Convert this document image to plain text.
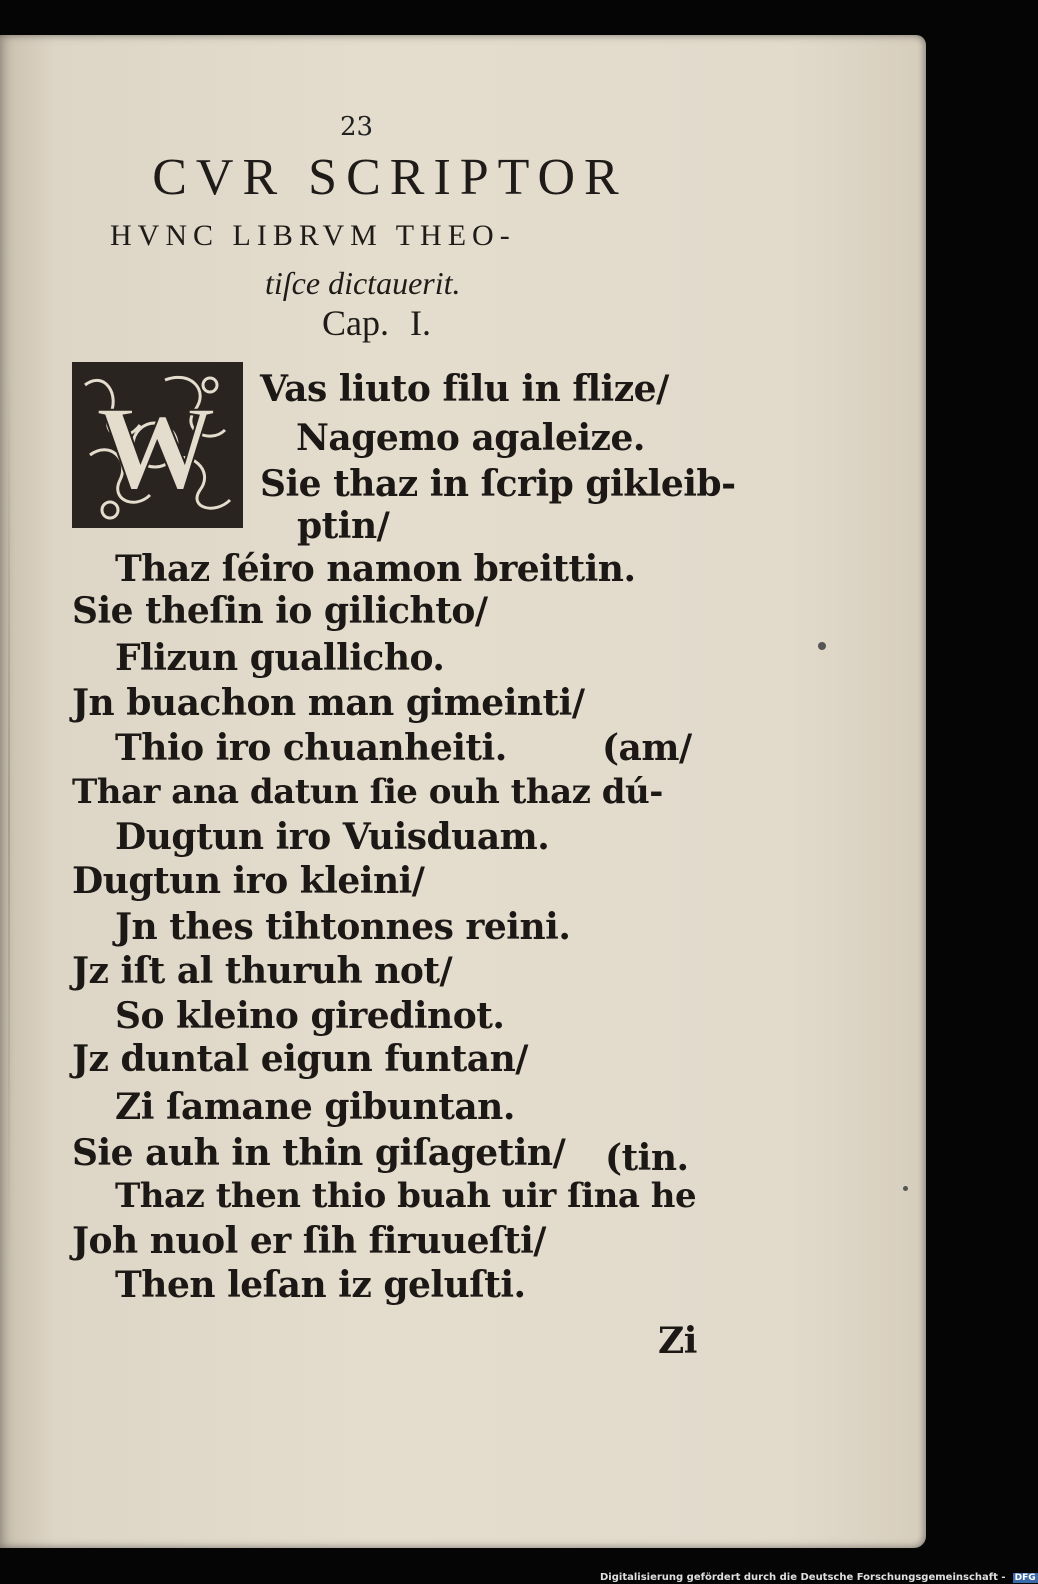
23
CVR SCRIPTOR
HVNC LIBRVM THEO-
tiſce dictauerit.
Cap. I.
W Vas liuto filu in flize/
Nagemo agaleize.
Sie thaz in ſcrip gikleib-
ptin/
Thaz ſéiro namon breittin.
Sie theſin io gilichto/
Flizun guallicho.
Jn buachon man gimeinti/
Thio iro chuanheiti.	(am/
Thar ana datun ſie ouh thaz dú-
Dugtun iro Vuisduam.
Dugtun iro kleini/
Jn thes tihtonnes reini.
Jz iſt al thuruh not/
So kleino giredinot.
Jz duntal eigun funtan/
Zi ſamane gibuntan.
Sie auh in thin giſagetin/ (tin.
Thaz then thio buah uir ſina he
Joh nuol er ſih firuueſti/
Then leſan iz geluſti.
Zi
Digitalisierung gefördert durch die Deutsche Forschungsgemeinschaft - DFG
